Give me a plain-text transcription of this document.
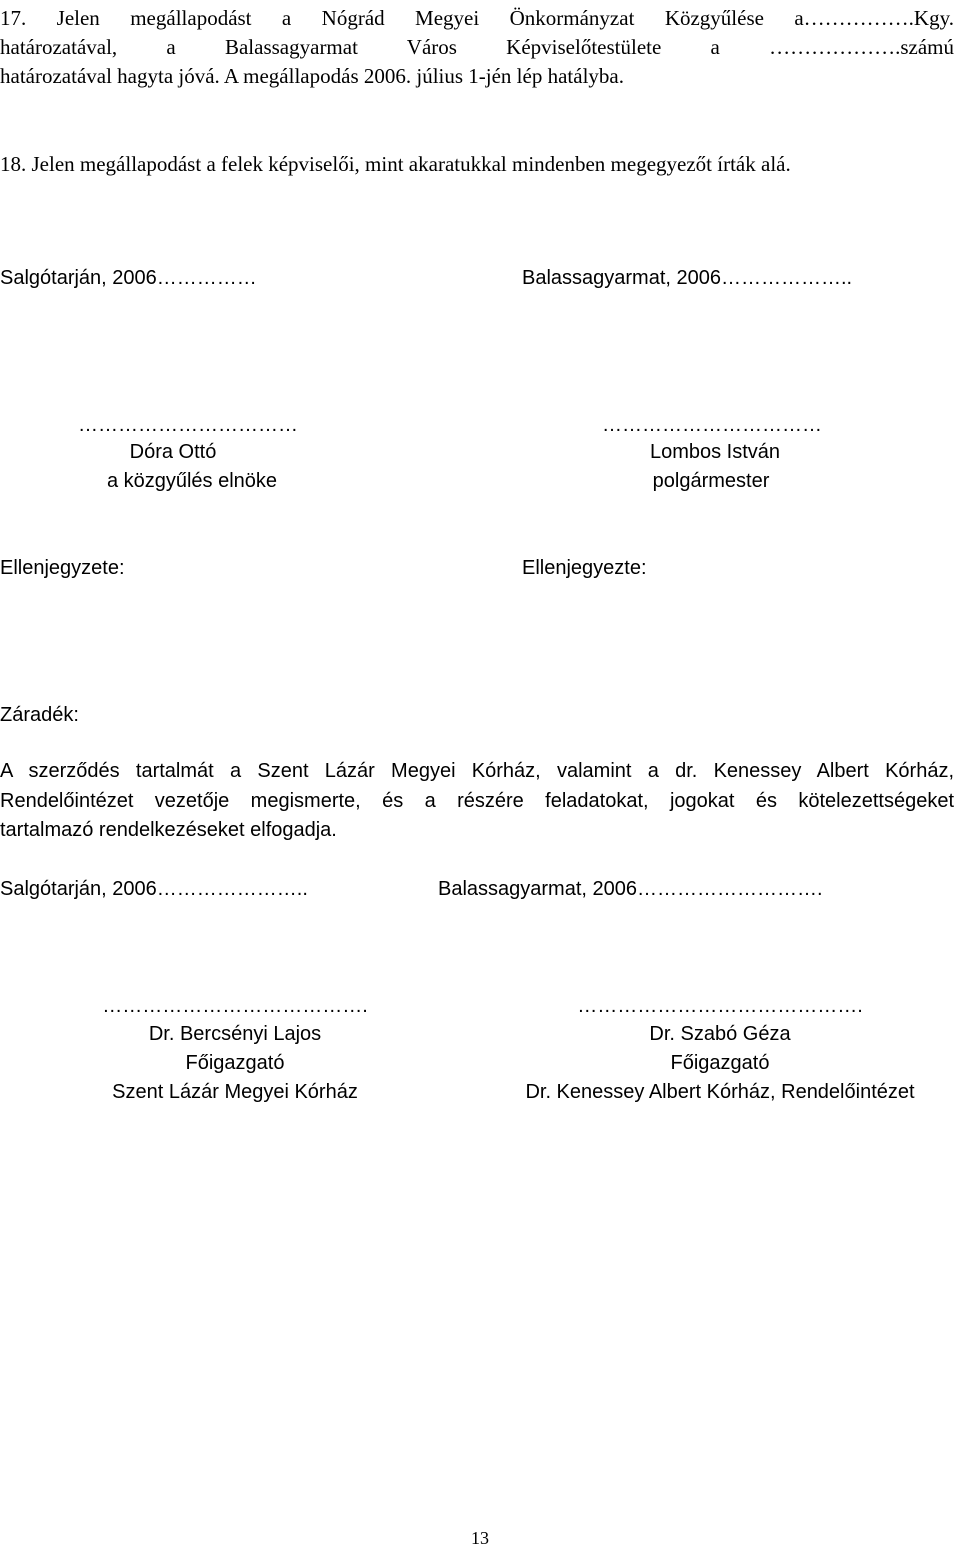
17. Jelen megállapodást a Nógrád Megyei Önkormányzat Közgyűlése a…………….Kgy.
határozatával, a Balassagyarmat Város Képviselőtestülete a ……………….számú
határozatával hagyta jóvá. A megállapodás 2006. július 1-jén lép hatályba.
18. Jelen megállapodást a felek képviselői, mint akaratukkal mindenben megegyezőt írták alá.
Salgótarján, 2006……………	Balassagyarmat, 2006………………..
……………………………
Dóra Ottó
a közgyűlés elnöke
……………………………
Lombos István
polgármester
Ellenjegyzete:	Ellenjegyezte:
Záradék:
A szerződés tartalmát a Szent Lázár Megyei Kórház, valamint a dr. Kenessey Albert Kórház,
Rendelőintézet vezetője megismerte, és a részére feladatokat, jogokat és kötelezettségeket
tartalmazó rendelkezéseket elfogadja.
Salgótarján, 2006…………………..	Balassagyarmat, 2006……………………….
………………………………….
Dr. Bercsényi Lajos
Főigazgató
Szent Lázár Megyei Kórház
…………………………………….
Dr. Szabó Géza
Főigazgató
Dr. Kenessey Albert Kórház, Rendelőintézet
13
